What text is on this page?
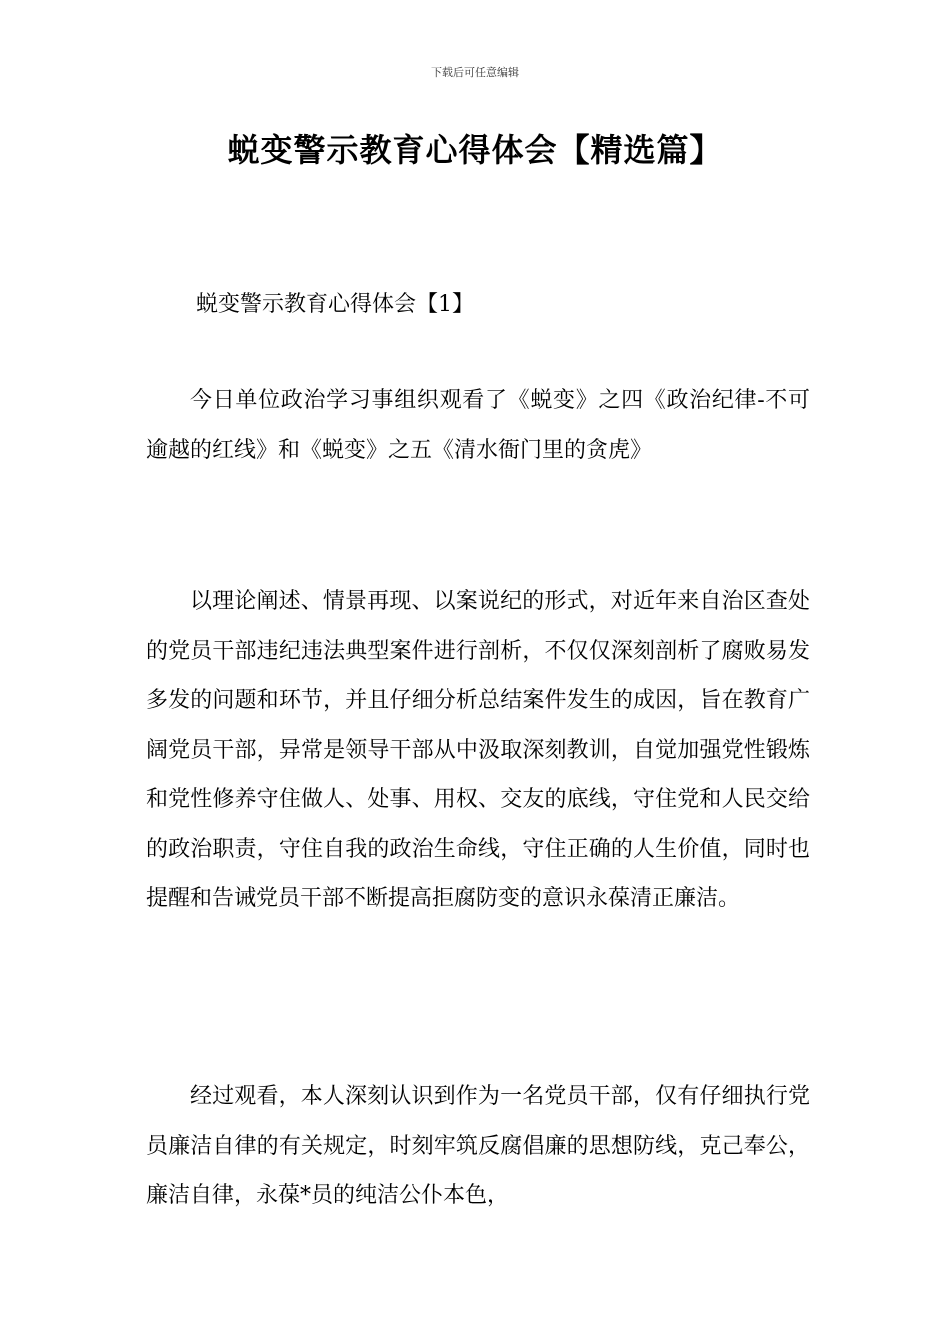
下载后可任意编辑
蜕变警示教育心得体会【精选篇】
蜕变警示教育心得体会【1】

今日单位政治学习事组织观看了《蜕变》之四《政治纪律-不可逾越的红线》和《蜕变》之五《清水衙门里的贪虎》

以理论阐述、情景再现、以案说纪的形式，对近年来自治区查处的党员干部违纪违法典型案件进行剖析，不仅仅深刻剖析了腐败易发多发的问题和环节，并且仔细分析总结案件发生的成因，旨在教育广阔党员干部，异常是领导干部从中汲取深刻教训，自觉加强党性锻炼和党性修养守住做人、处事、用权、交友的底线，守住党和人民交给的政治职责，守住自我的政治生命线，守住正确的人生价值，同时也提醒和告诫党员干部不断提高拒腐防变的意识永葆清正廉洁。

经过观看，本人深刻认识到作为一名党员干部，仅有仔细执行党员廉洁自律的有关规定，时刻牢筑反腐倡廉的思想防线，克己奉公，廉洁自律，永葆*员的纯洁公仆本色，
